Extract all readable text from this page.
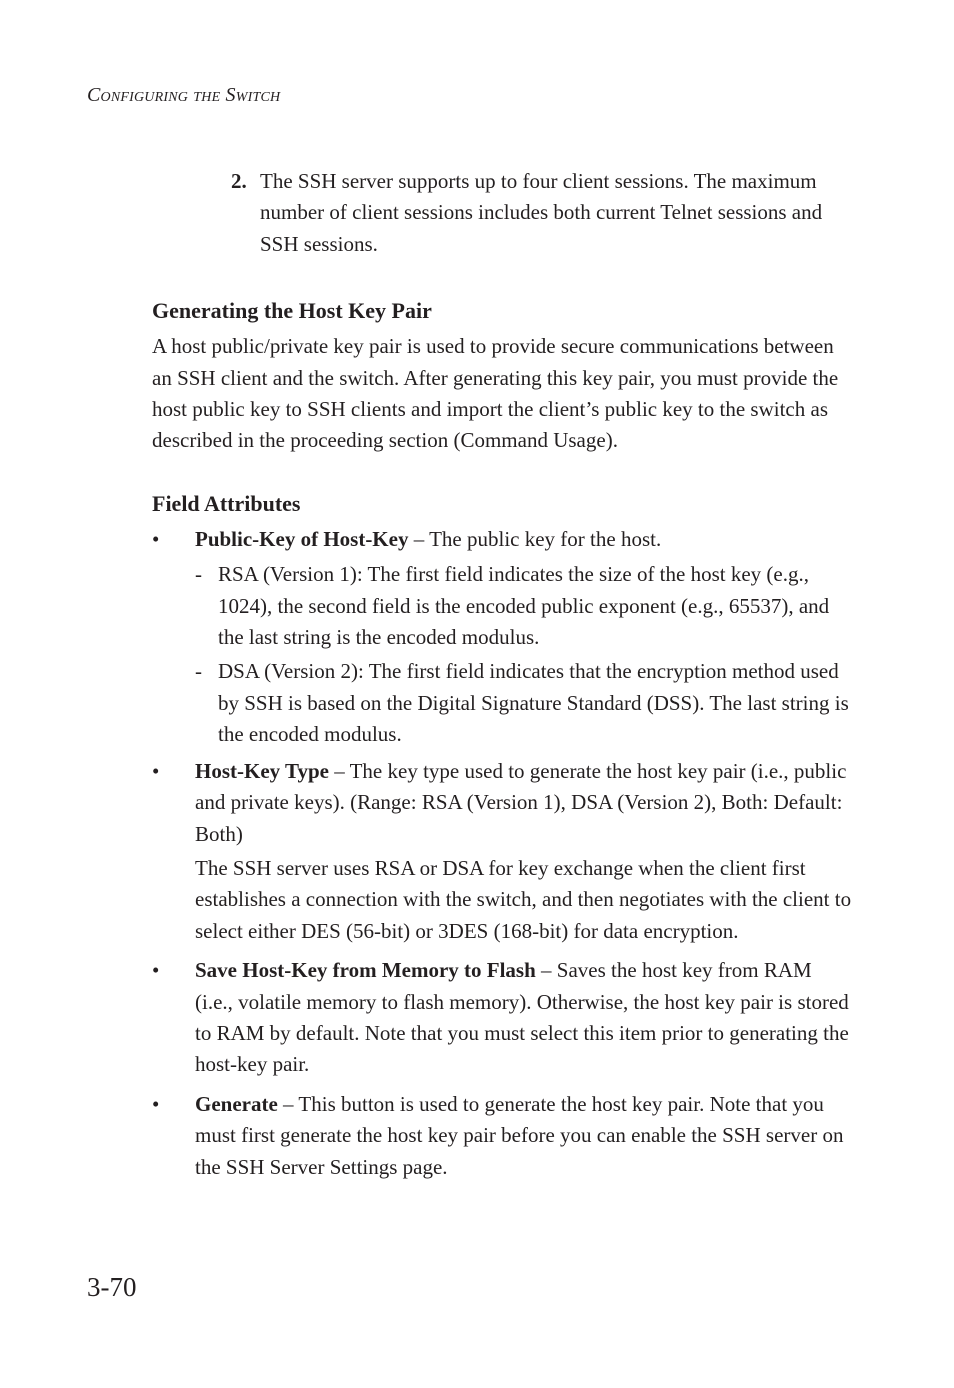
Configuring the Switch
2. The SSH server supports up to four client sessions. The maximum number of client sessions includes both current Telnet sessions and SSH sessions.
Generating the Host Key Pair

A host public/private key pair is used to provide secure communications between an SSH client and the switch. After generating this key pair, you must provide the host public key to SSH clients and import the client’s public key to the switch as described in the proceeding section (Command Usage).

Field Attributes
• Public-Key of Host-Key – The public key for the host.

- RSA (Version 1): The first field indicates the size of the host key (e.g., 1024), the second field is the encoded public exponent (e.g., 65537), and the last string is the encoded modulus.
- DSA (Version 2): The first field indicates that the encryption method used by SSH is based on the Digital Signature Standard (DSS). The last string is the encoded modulus.
• Host-Key Type – The key type used to generate the host key pair (i.e., public and private keys). (Range: RSA (Version 1), DSA (Version 2), Both: Default: Both)

The SSH server uses RSA or DSA for key exchange when the client first establishes a connection with the switch, and then negotiates with the client to select either DES (56-bit) or 3DES (168-bit) for data encryption.

• Save Host-Key from Memory to Flash – Saves the host key from RAM (i.e., volatile memory to flash memory). Otherwise, the host key pair is stored to RAM by default. Note that you must select this item prior to generating the host-key pair.

• Generate – This button is used to generate the host key pair. Note that you must first generate the host key pair before you can enable the SSH server on the SSH Server Settings page.

3-70
